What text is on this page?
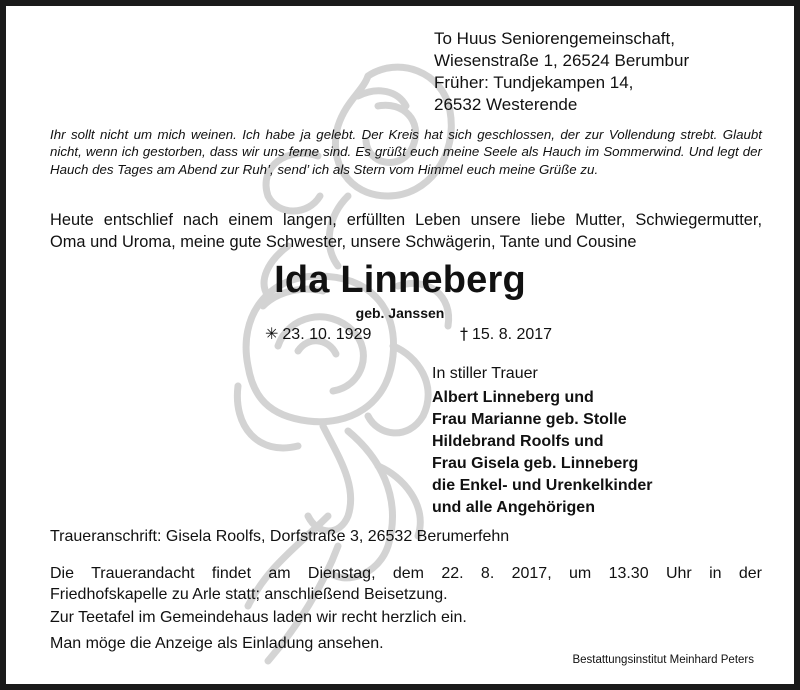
To Huus Seniorengemeinschaft,
Wiesenstraße 1, 26524 Berumbur
Früher: Tundjekampen 14,
26532 Westerende
Ihr sollt nicht um mich weinen. Ich habe ja gelebt. Der Kreis hat sich geschlossen, der zur Vollendung strebt. Glaubt nicht, wenn ich gestorben, dass wir uns ferne sind. Es grüßt euch meine Seele als Hauch im Sommerwind. Und legt der Hauch des Tages am Abend zur Ruh’, send’ ich als Stern vom Himmel euch meine Grüße zu.
Heute entschlief nach einem langen, erfüllten Leben unsere liebe Mutter, Schwiegermutter,
Oma und Uroma, meine gute Schwester, unsere Schwägerin, Tante und Cousine
Ida Linneberg
geb. Janssen
✳ 23. 10. 1929	† 15. 8. 2017
In stiller Trauer
Albert Linneberg und
Frau Marianne geb. Stolle
Hildebrand Roolfs und
Frau Gisela geb. Linneberg
die Enkel- und Urenkelkinder
und alle Angehörigen
Traueranschrift: Gisela Roolfs, Dorfstraße 3, 26532 Berumerfehn
Die Trauerandacht findet am Dienstag, dem 22. 8. 2017, um 13.30 Uhr in der
Friedhofskapelle zu Arle statt; anschließend Beisetzung.
Zur Teetafel im Gemeindehaus laden wir recht herzlich ein.
Man möge die Anzeige als Einladung ansehen.
Bestattungsinstitut Meinhard Peters
